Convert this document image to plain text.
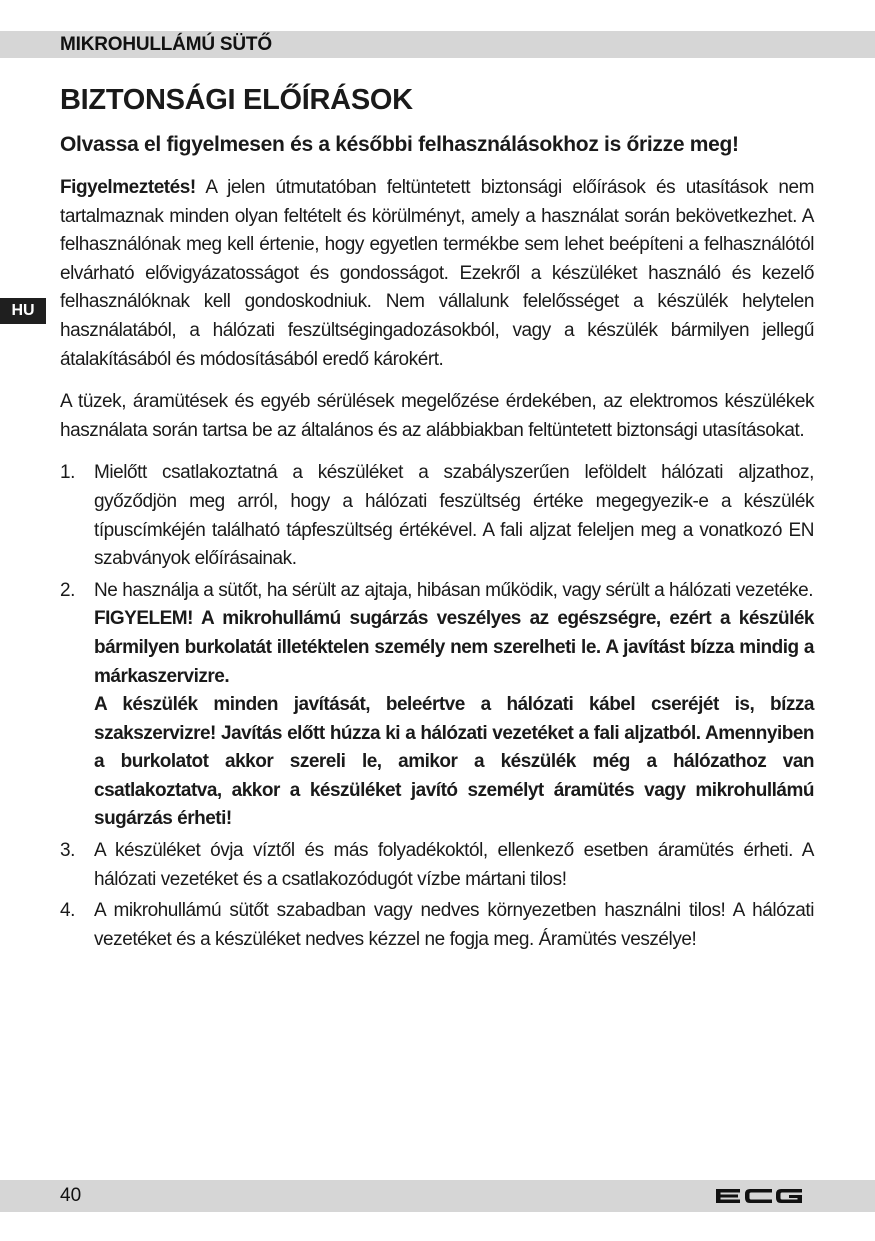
MIKROHULLÁMÚ SÜTŐ
HU
BIZTONSÁGI ELŐÍRÁSOK
Olvassa el figyelmesen és a későbbi felhasználásokhoz is őrizze meg!

Figyelmeztetés! A jelen útmutatóban feltüntetett biztonsági előírások és utasítások nem tartalmaznak minden olyan feltételt és körülményt, amely a használat során bekövetkezhet. A felhasználónak meg kell értenie, hogy egyetlen termékbe sem lehet beépíteni a felhasználótól elvárható elővigyázatosságot és gondosságot. Ezekről a készüléket használó és kezelő felhasználóknak kell gondoskodniuk. Nem vállalunk felelősséget a készülék helytelen használatából, a hálózati feszültségingadozásokból, vagy a készülék bármilyen jellegű átalakításából és módosításából eredő károkért.

A tüzek, áramütések és egyéb sérülések megelőzése érdekében, az elektromos készülékek használata során tartsa be az általános és az alábbiakban feltüntetett biztonsági utasításokat.

1. Mielőtt csatlakoztatná a készüléket a szabályszerűen leföldelt hálózati aljzathoz, győződjön meg arról, hogy a hálózati feszültség értéke megegyezik-e a készülék típuscímkéjén található tápfeszültség értékével. A fali aljzat feleljen meg a vonatkozó EN szabványok előírásainak.
2. Ne használja a sütőt, ha sérült az ajtaja, hibásan működik, vagy sérült a hálózati vezetéke.
FIGYELEM! A mikrohullámú sugárzás veszélyes az egészségre, ezért a készülék bármilyen burkolatát illetéktelen személy nem szerelheti le. A javítást bízza mindig a márkaszervizre.
A készülék minden javítását, beleértve a hálózati kábel cseréjét is, bízza szakszervizre! Javítás előtt húzza ki a hálózati vezetéket a fali aljzatból. Amennyiben a burkolatot akkor szereli le, amikor a készülék még a hálózathoz van csatlakoztatva, akkor a készüléket javító személyt áramütés vagy mikrohullámú sugárzás érheti!
3. A készüléket óvja víztől és más folyadékoktól, ellenkező esetben áramütés érheti. A hálózati vezetéket és a csatlakozódugót vízbe mártani tilos!
4. A mikrohullámú sütőt szabadban vagy nedves környezetben használni tilos! A hálózati vezetéket és a készüléket nedves kézzel ne fogja meg. Áramütés veszélye!
40
